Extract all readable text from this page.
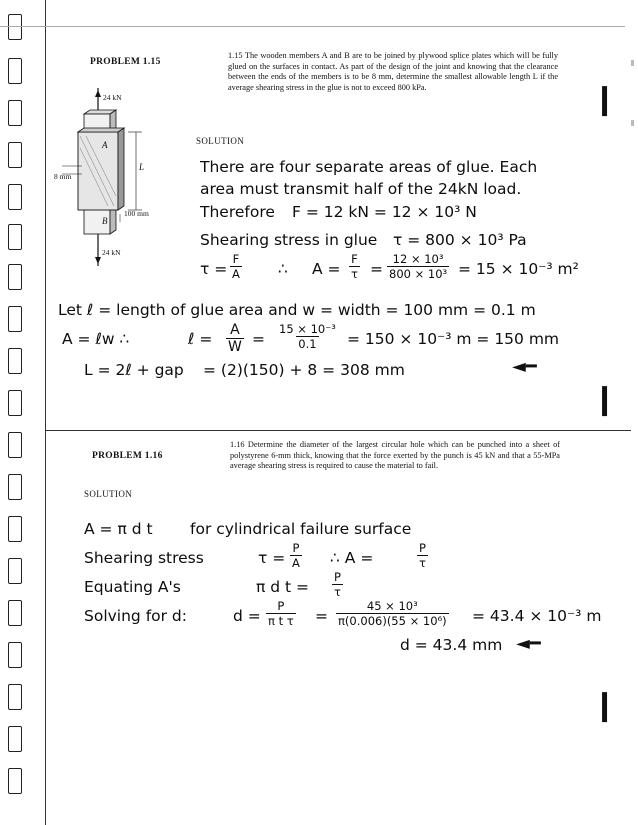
❙
❙
❙
PROBLEM 1.15
1.15 The wooden members A and B are to be joined by plywood splice plates which will be fully glued on the surfaces in contact. As part of the design of the joint and knowing that the clearance between the ends of the members is to be 8 mm, determine the smallest allowable length L if the average shearing stress in the glue is not to exceed 800 kPa.
24 kN
24 kN
8 mm
100 mm
L
A
B
SOLUTION
There are four separate areas of glue. Each
area must transmit half of the 24kN load.
Therefore F = 12 kN = 12 × 10³ N
Shearing stress in glue τ = 800 × 10³ Pa
$\tau = \frac{F}{A}$ ∴ $A = \frac{F}{\tau} = \frac{\text{12 × 10³}}{\text{800 × 10³}} = 15 \times 10^{-3}$ m²
Let ℓ = length of glue area and w = width = 100 mm = 0.1 m
A = ℓw ∴	ℓ = $\frac{A}{W} = \frac{\text{15 × 10⁻³}}{0.1} = 150 \times 10^{-3}$ m = 150 mm
L = 2ℓ + gap = (2)(150) + 8 = 308 mm	◄━
PROBLEM 1.16
1.16 Determine the diameter of the largest circular hole which can be punched into a sheet of polystyrene 6-mm thick, knowing that the force exerted by the punch is 45 kN and that a 55-MPa average shearing stress is required to cause the material to fail.
SOLUTION
A = π d t for cylindrical failure surface
Shearing stress	$\tau = \frac{P}{A}$ ∴ A =	$\frac{P}{\tau}$
Equating A's	π d $t = \frac{P}{\tau}$
Solving for d:	$d = \frac{P}{\text{π t τ}} = \frac{\text{45 × 10³}}{\text{π(0.006)(55 × 10⁶)}} = 43.4 \times 10^{-3}$ m
d = 43.4 mm ◄━
